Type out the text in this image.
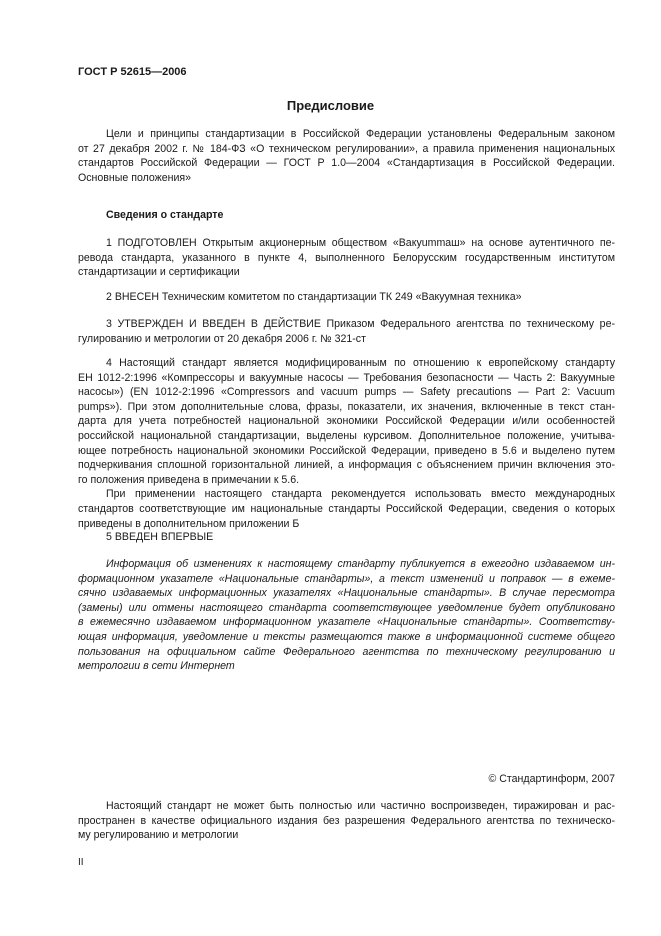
ГОСТ Р 52615—2006
Предисловие
Цели и принципы стандартизации в Российской Федерации установлены Федеральным законом
от 27 декабря 2002 г. № 184-ФЗ «О техническом регулировании», а правила применения национальных
стандартов Российской Федерации — ГОСТ Р 1.0—2004 «Стандартизация в Российской Федерации.
Основные положения»
Сведения о стандарте
1 ПОДГОТОВЛЕН Открытым акционерным обществом «Вакуummаш» на основе аутентичного пе-
ревода стандарта, указанного в пункте 4, выполненного Белорусским государственным институтом
стандартизации и сертификации
2 ВНЕСЕН Техническим комитетом по стандартизации ТК 249 «Вакуумная техника»
3 УТВЕРЖДЕН И ВВЕДЕН В ДЕЙСТВИЕ Приказом Федерального агентства по техническому ре-
гулированию и метрологии от 20 декабря 2006 г. № 321-ст
4 Настоящий стандарт является модифицированным по отношению к европейскому стандарту
ЕН 1012-2:1996 «Компрессоры и вакуумные насосы — Требования безопасности — Часть 2: Вакуумные
насосы») (EN 1012-2:1996 «Compressors and vacuum pumps — Safety precautions — Part 2: Vacuum
pumps»). При этом дополнительные слова, фразы, показатели, их значения, включенные в текст стан-
дарта для учета потребностей национальной экономики Российской Федерации и/или особенностей
российской национальной стандартизации, выделены курсивом. Дополнительное положение, учитыва-
ющее потребность национальной экономики Российской Федерации, приведено в 5.6 и выделено путем
подчеркивания сплошной горизонтальной линией, а информация с объяснением причин включения это-
го положения приведена в примечании к 5.6.
При применении настоящего стандарта рекомендуется использовать вместо международных
стандартов соответствующие им национальные стандарты Российской Федерации, сведения о которых
приведены в дополнительном приложении Б
5 ВВЕДЕН ВПЕРВЫЕ
Информация об изменениях к настоящему стандарту публикуется в ежегодно издаваемом ин-
формационном указателе «Национальные стандарты», а текст изменений и поправок — в ежеме-
сячно издаваемых информационных указателях «Национальные стандарты». В случае пересмотра
(замены) или отмены настоящего стандарта соответствующее уведомление будет опубликовано
в ежемесячно издаваемом информационном указателе «Национальные стандарты». Соответству-
ющая информация, уведомление и тексты размещаются также в информационной системе общего
пользования на официальном сайте Федерального агентства по техническому регулированию и
метрологии в сети Интернет
© Стандартинформ, 2007
Настоящий стандарт не может быть полностью или частично воспроизведен, тиражирован и рас-
пространен в качестве официального издания без разрешения Федерального агентства по техническо-
му регулированию и метрологии
II
